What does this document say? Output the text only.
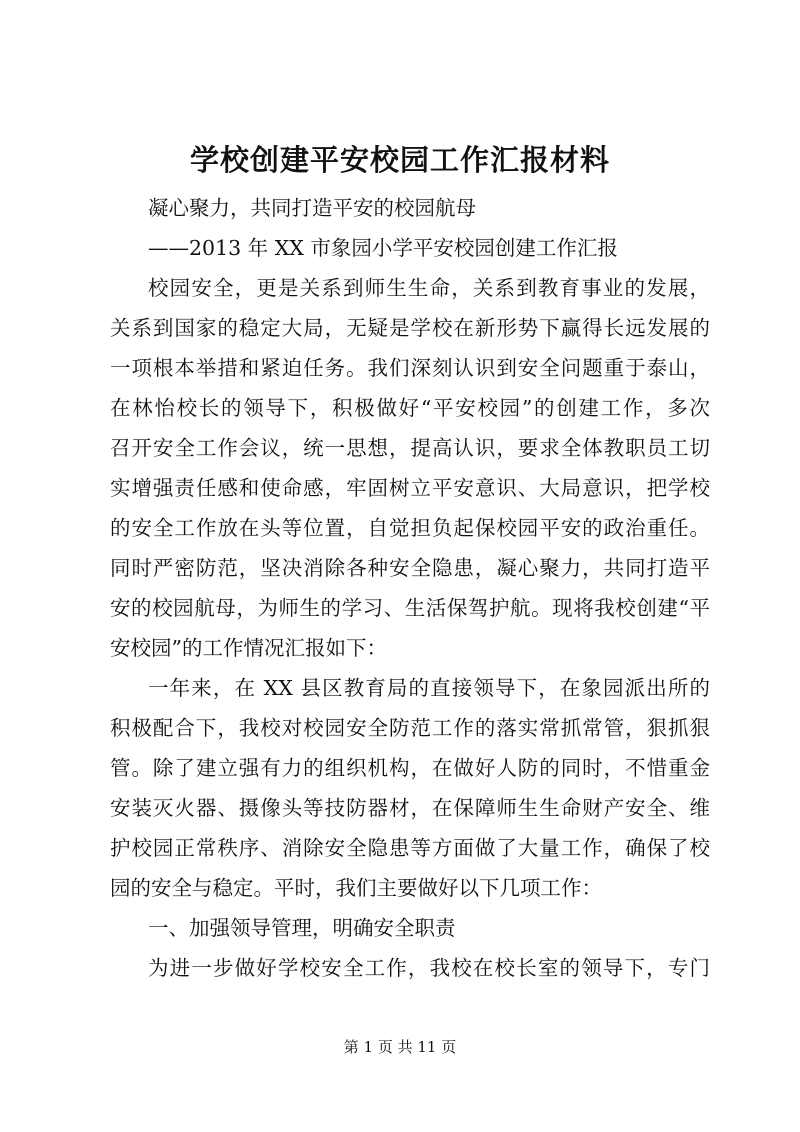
学校创建平安校园工作汇报材料
凝心聚力，共同打造平安的校园航母
——2013 年 XX 市象园小学平安校园创建工作汇报
校园安全，更是关系到师生生命，关系到教育事业的发展，
关系到国家的稳定大局，无疑是学校在新形势下赢得长远发展的
一项根本举措和紧迫任务。我们深刻认识到安全问题重于泰山，
在林怡校长的领导下，积极做好“平安校园”的创建工作，多次
召开安全工作会议，统一思想，提高认识，要求全体教职员工切
实增强责任感和使命感，牢固树立平安意识、大局意识，把学校
的安全工作放在头等位置，自觉担负起保校园平安的政治重任。
同时严密防范，坚决消除各种安全隐患，凝心聚力，共同打造平
安的校园航母，为师生的学习、生活保驾护航。现将我校创建“平
安校园”的工作情况汇报如下：
一年来，在 XX 县区教育局的直接领导下，在象园派出所的
积极配合下，我校对校园安全防范工作的落实常抓常管，狠抓狠
管。除了建立强有力的组织机构，在做好人防的同时，不惜重金
安装灭火器、摄像头等技防器材，在保障师生生命财产安全、维
护校园正常秩序、消除安全隐患等方面做了大量工作，确保了校
园的安全与稳定。平时，我们主要做好以下几项工作：
一、加强领导管理，明确安全职责
为进一步做好学校安全工作，我校在校长室的领导下，专门
第 1 页 共 11 页
